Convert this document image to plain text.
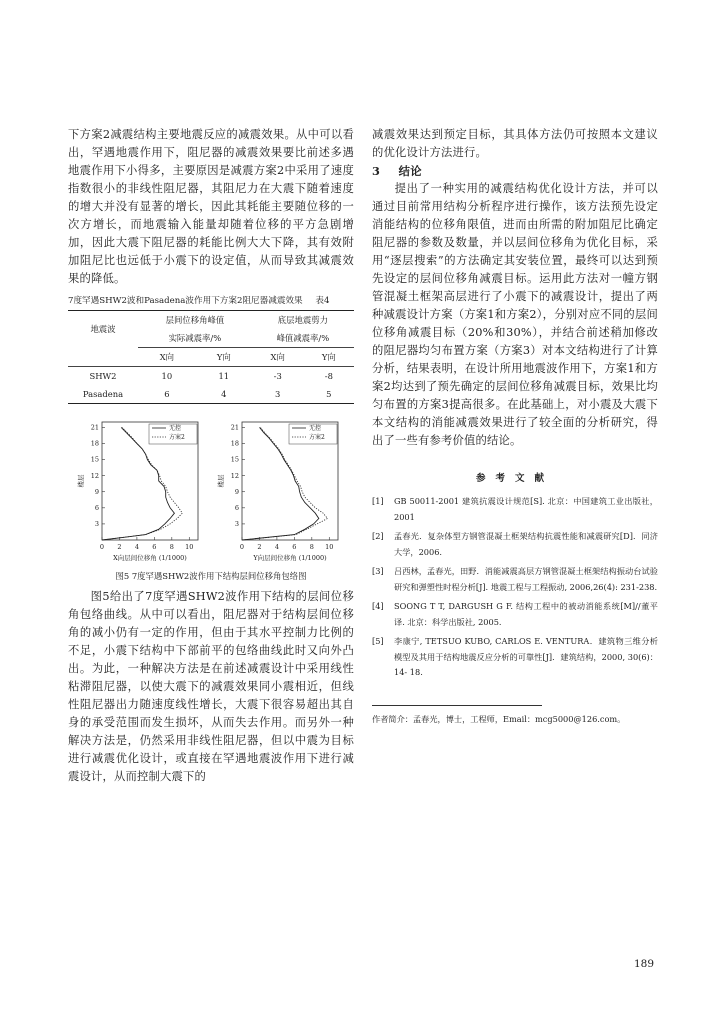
下方案2减震结构主要地震反应的减震效果。从中可以看出，罕遇地震作用下，阻尼器的减震效果要比前述多遇地震作用下小得多，主要原因是减震方案2中采用了速度指数很小的非线性阻尼器，其阻尼力在大震下随着速度的增大并没有显著的增长，因此其耗能主要随位移的一次方增长，而地震输入能量却随着位移的平方急剧增加，因此大震下阻尼器的耗能比例大大下降，其有效附加阻尼比也远低于小震下的设定值，从而导致其减震效果的降低。

7度罕遇SHW2波和Pasadena波作用下方案2阻尼器减震效果 表4
地震波	层间位移角峰值		底层地震剪力	
	实际减震率/%		峰值减震率/%	
	X向	Y向	X向	Y向
SHW2	10	11	-3	-8
Pasadena	6	4	3	5
0 2 4 6 8 10
3
6
9
12
15
18
21	无控
方案2
X向层间位移角 (1/1000)
楼层
0 2 4 6 8 10
3
6
9
12
15
18
21	无控
方案2
Y向层间位移角 (1/1000)
楼层
图5 7度罕遇SHW2波作用下结构层间位移角包络图

图5给出了7度罕遇SHW2波作用下结构的层间位移角包络曲线。从中可以看出，阻尼器对于结构层间位移角的减小仍有一定的作用，但由于其水平控制力比例的不足，小震下结构中下部前平的包络曲线此时又向外凸出。为此，一种解决方法是在前述减震设计中采用线性粘滞阻尼器，以使大震下的减震效果同小震相近，但线性阻尼器出力随速度线性增长，大震下很容易超出其自身的承受范围而发生损坏，从而失去作用。而另外一种解决方法是，仍然采用非线性阻尼器，但以中震为目标进行减震优化设计，或直接在罕遇地震波作用下进行减震设计，从而控制大震下的

减震效果达到预定目标，其具体方法仍可按照本文建议的优化设计方法进行。

3 结论

提出了一种实用的减震结构优化设计方法，并可以通过目前常用结构分析程序进行操作，该方法预先设定消能结构的位移角限值，进而由所需的附加阻尼比确定阻尼器的参数及数量，并以层间位移角为优化目标，采用“逐层搜索”的方法确定其安装位置，最终可以达到预先设定的层间位移角减震目标。运用此方法对一幢方钢管混凝土框架高层进行了小震下的减震设计，提出了两种减震设计方案（方案1和方案2），分别对应不同的层间位移角减震目标（20%和30%），并结合前述稍加修改的阻尼器均匀布置方案（方案3）对本文结构进行了计算分析，结果表明，在设计所用地震波作用下，方案1和方案2均达到了预先确定的层间位移角减震目标，效果比均匀布置的方案3提高很多。在此基础上，对小震及大震下本文结构的消能减震效果进行了较全面的分析研究，得出了一些有参考价值的结论。

参考文献
[1]	GB 50011-2001 建筑抗震设计规范[S]. 北京：中国建筑工业出版社，2001
[2]	孟春光．复杂体型方钢管混凝土框架结构抗震性能和减震研究[D]．同济大学，2006.
[3]	吕西林，孟春光，田野．消能减震高层方钢管混凝土框架结构振动台试验研究和弹塑性时程分析[J]. 地震工程与工程振动, 2006,26(4): 231-238.
[4]	SOONG T T, DARGUSH G F. 结构工程中的被动消能系统[M]//董平译. 北京：科学出版社, 2005.
[5]	李康宁, TETSUO KUBO, CARLOS E. VENTURA．建筑物三维分析模型及其用于结构地震反应分析的可靠性[J]．建筑结构，2000, 30(6)：14- 18.
作者简介：孟春光，博士，工程师，Email：mcg5000@126.com。
189
